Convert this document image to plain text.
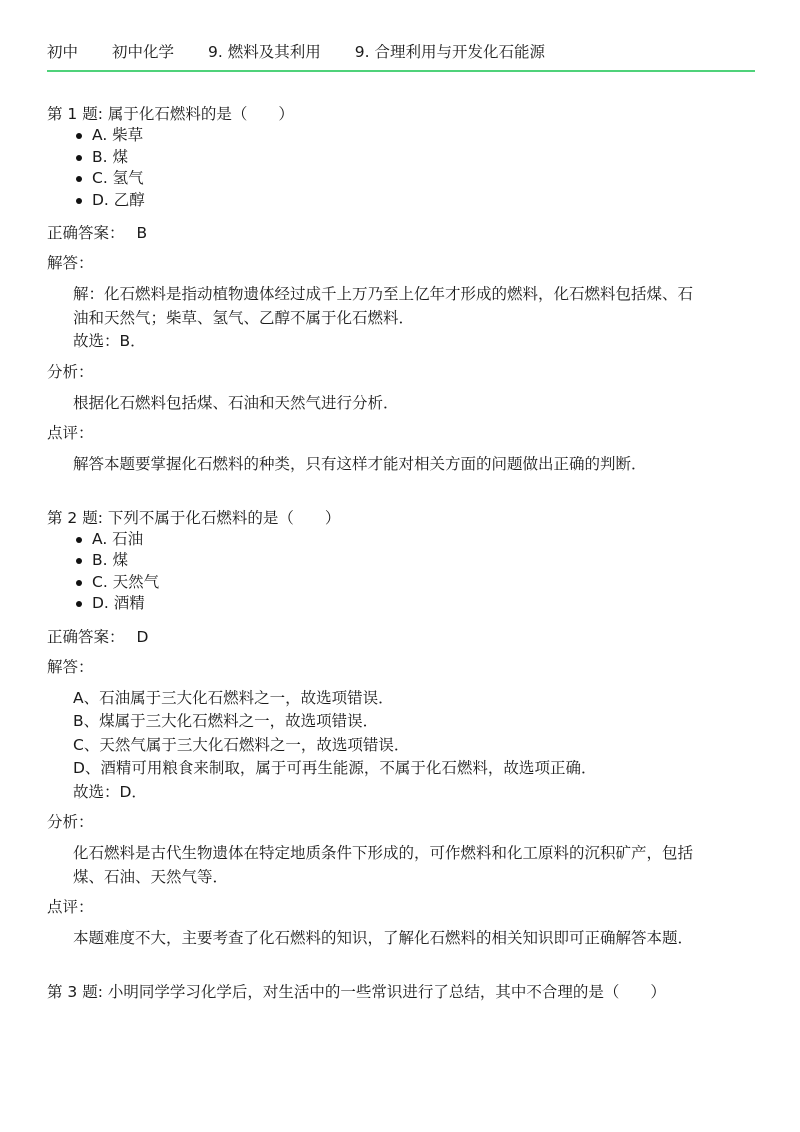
初中 初中化学 9. 燃料及其利用 9. 合理利用与开发化石能源
第 1 题: 属于化石燃料的是（　　）
A. 柴草
B. 煤
C. 氢气
D. 乙醇
正确答案： B
解答：
解：化石燃料是指动植物遗体经过成千上万乃至上亿年才形成的燃料，化石燃料包括煤、石
油和天然气；柴草、氢气、乙醇不属于化石燃料．
故选：B．
分析：
根据化石燃料包括煤、石油和天然气进行分析．
点评：
解答本题要掌握化石燃料的种类，只有这样才能对相关方面的问题做出正确的判断．
第 2 题: 下列不属于化石燃料的是（　　）
A. 石油
B. 煤
C. 天然气
D. 酒精
正确答案： D
解答：
A、石油属于三大化石燃料之一，故选项错误．
B、煤属于三大化石燃料之一，故选项错误．
C、天然气属于三大化石燃料之一，故选项错误．
D、酒精可用粮食来制取，属于可再生能源，不属于化石燃料，故选项正确．
故选：D．
分析：
化石燃料是古代生物遗体在特定地质条件下形成的，可作燃料和化工原料的沉积矿产，包括
煤、石油、天然气等．
点评：
本题难度不大，主要考查了化石燃料的知识，了解化石燃料的相关知识即可正确解答本题．
第 3 题: 小明同学学习化学后，对生活中的一些常识进行了总结，其中不合理的是（　　）
